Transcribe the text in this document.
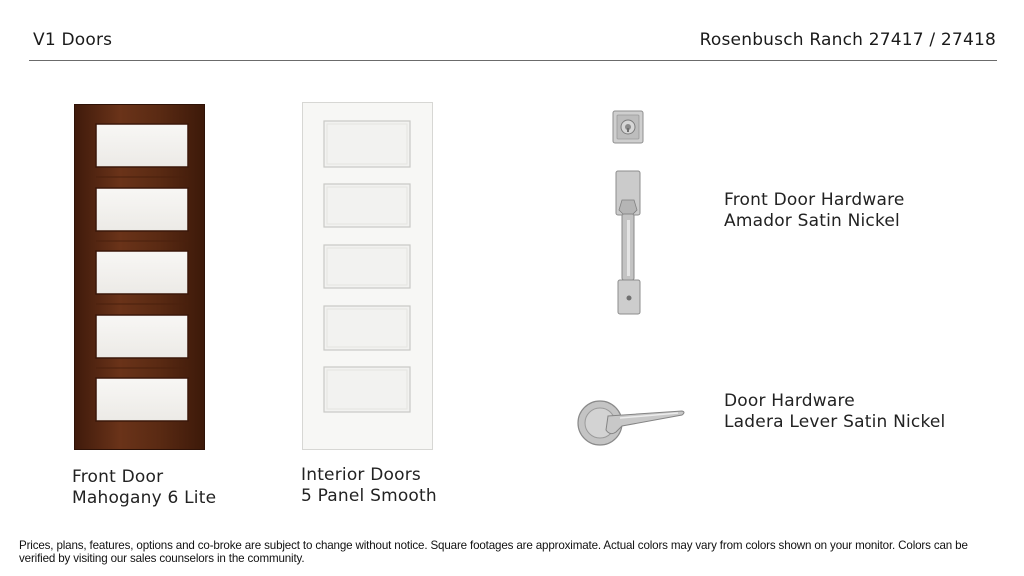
V1 Doors	Rosenbusch Ranch 27417 / 27418
Front Door
Mahogany 6 Lite
Interior Doors
5 Panel Smooth
Front Door Hardware
Amador Satin Nickel
Door Hardware
Ladera Lever Satin Nickel
Prices, plans, features, options and co-broke are subject to change without notice. Square footages are approximate. Actual colors may vary from colors shown on your monitor. Colors can be verified by visiting our sales counselors in the community.
